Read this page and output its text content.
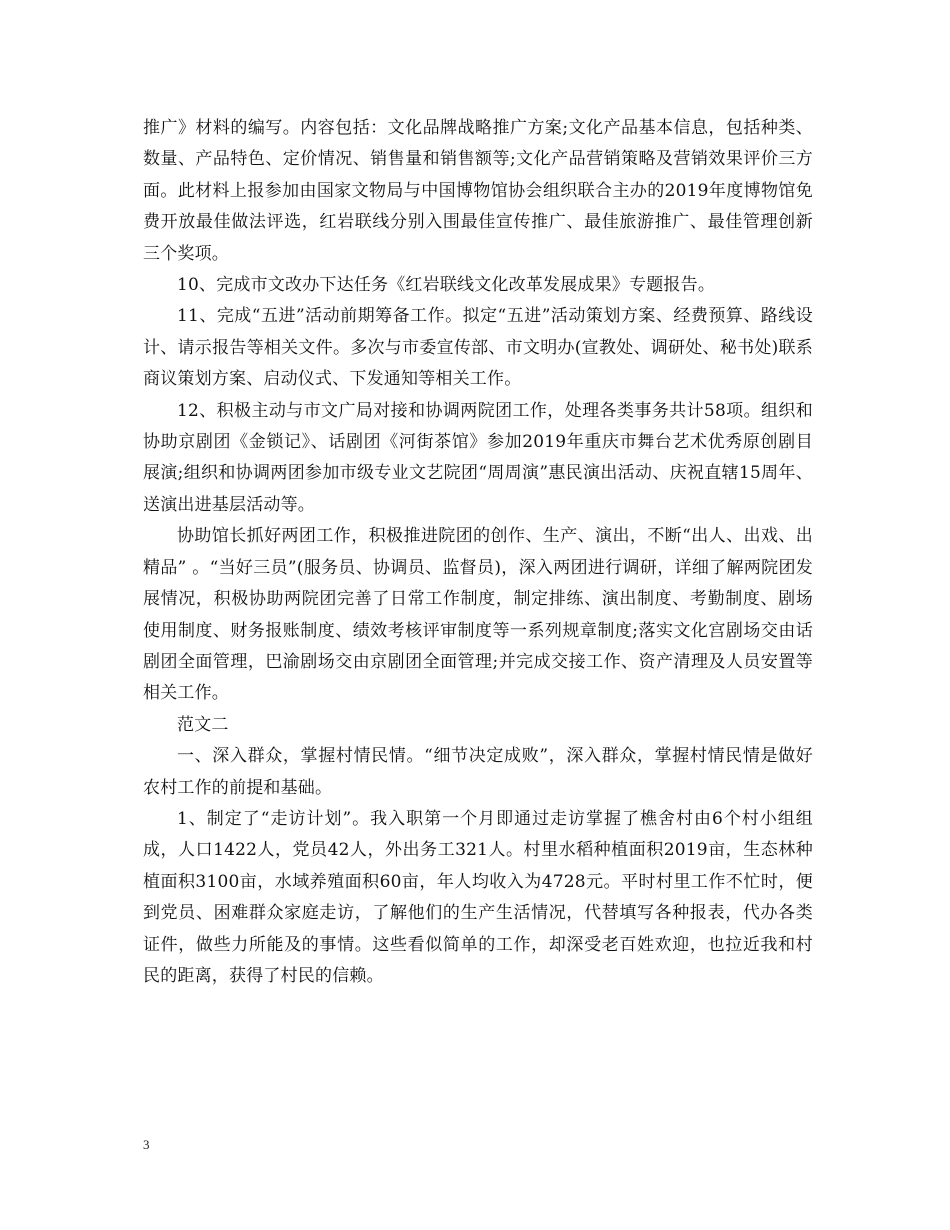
推广》材料的编写。内容包括：文化品牌战略推广方案;文化产品基本信息，包括种类、数量、产品特色、定价情况、销售量和销售额等;文化产品营销策略及营销效果评价三方面。此材料上报参加由国家文物局与中国博物馆协会组织联合主办的2019年度博物馆免费开放最佳做法评选，红岩联线分别入围最佳宣传推广、最佳旅游推广、最佳管理创新三个奖项。

10、完成市文改办下达任务《红岩联线文化改革发展成果》专题报告。

11、完成“五进”活动前期筹备工作。拟定“五进”活动策划方案、经费预算、路线设计、请示报告等相关文件。多次与市委宣传部、市文明办(宣教处、调研处、秘书处)联系商议策划方案、启动仪式、下发通知等相关工作。

12、积极主动与市文广局对接和协调两院团工作，处理各类事务共计58项。组织和协助京剧团《金锁记》、话剧团《河街茶馆》参加2019年重庆市舞台艺术优秀原创剧目展演;组织和协调两团参加市级专业文艺院团“周周演”惠民演出活动、庆祝直辖15周年、送演出进基层活动等。

协助馆长抓好两团工作，积极推进院团的创作、生产、演出，不断“出人、出戏、出精品” 。“当好三员”(服务员、协调员、监督员)，深入两团进行调研，详细了解两院团发展情况，积极协助两院团完善了日常工作制度，制定排练、演出制度、考勤制度、剧场使用制度、财务报账制度、绩效考核评审制度等一系列规章制度;落实文化宫剧场交由话剧团全面管理，巴渝剧场交由京剧团全面管理;并完成交接工作、资产清理及人员安置等相关工作。

范文二

一、深入群众，掌握村情民情。“细节决定成败”，深入群众，掌握村情民情是做好农村工作的前提和基础。

1、制定了“走访计划”。我入职第一个月即通过走访掌握了樵舍村由6个村小组组成，人口1422人，党员42人，外出务工321人。村里水稻种植面积2019亩，生态林种植面积3100亩，水域养殖面积60亩，年人均收入为4728元。平时村里工作不忙时，便到党员、困难群众家庭走访，了解他们的生产生活情况，代替填写各种报表，代办各类证件，做些力所能及的事情。这些看似简单的工作，却深受老百姓欢迎，也拉近我和村民的距离，获得了村民的信赖。

3
